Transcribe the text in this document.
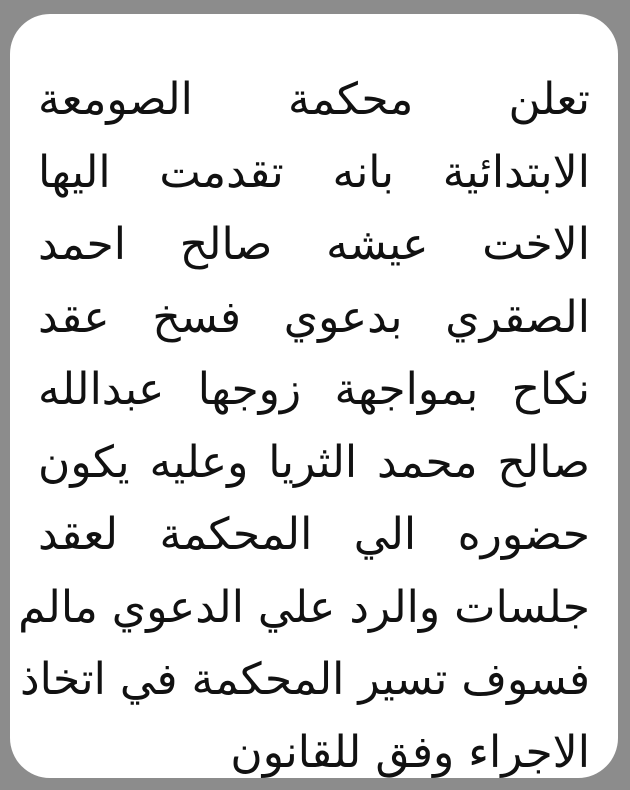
تعلن محكمة الصومعة
الابتدائية بانه تقدمت اليها
الاخت عيشه صالح احمد
الصقري بدعوي فسخ عقد
نكاح بمواجهة زوجها عبدالله
صالح محمد الثريا وعليه يكون
حضوره الي المحكمة لعقد
جلسات والرد علي الدعوي مالم
فسوف تسير المحكمة في اتخاذ
الاجراء وفق للقانون
